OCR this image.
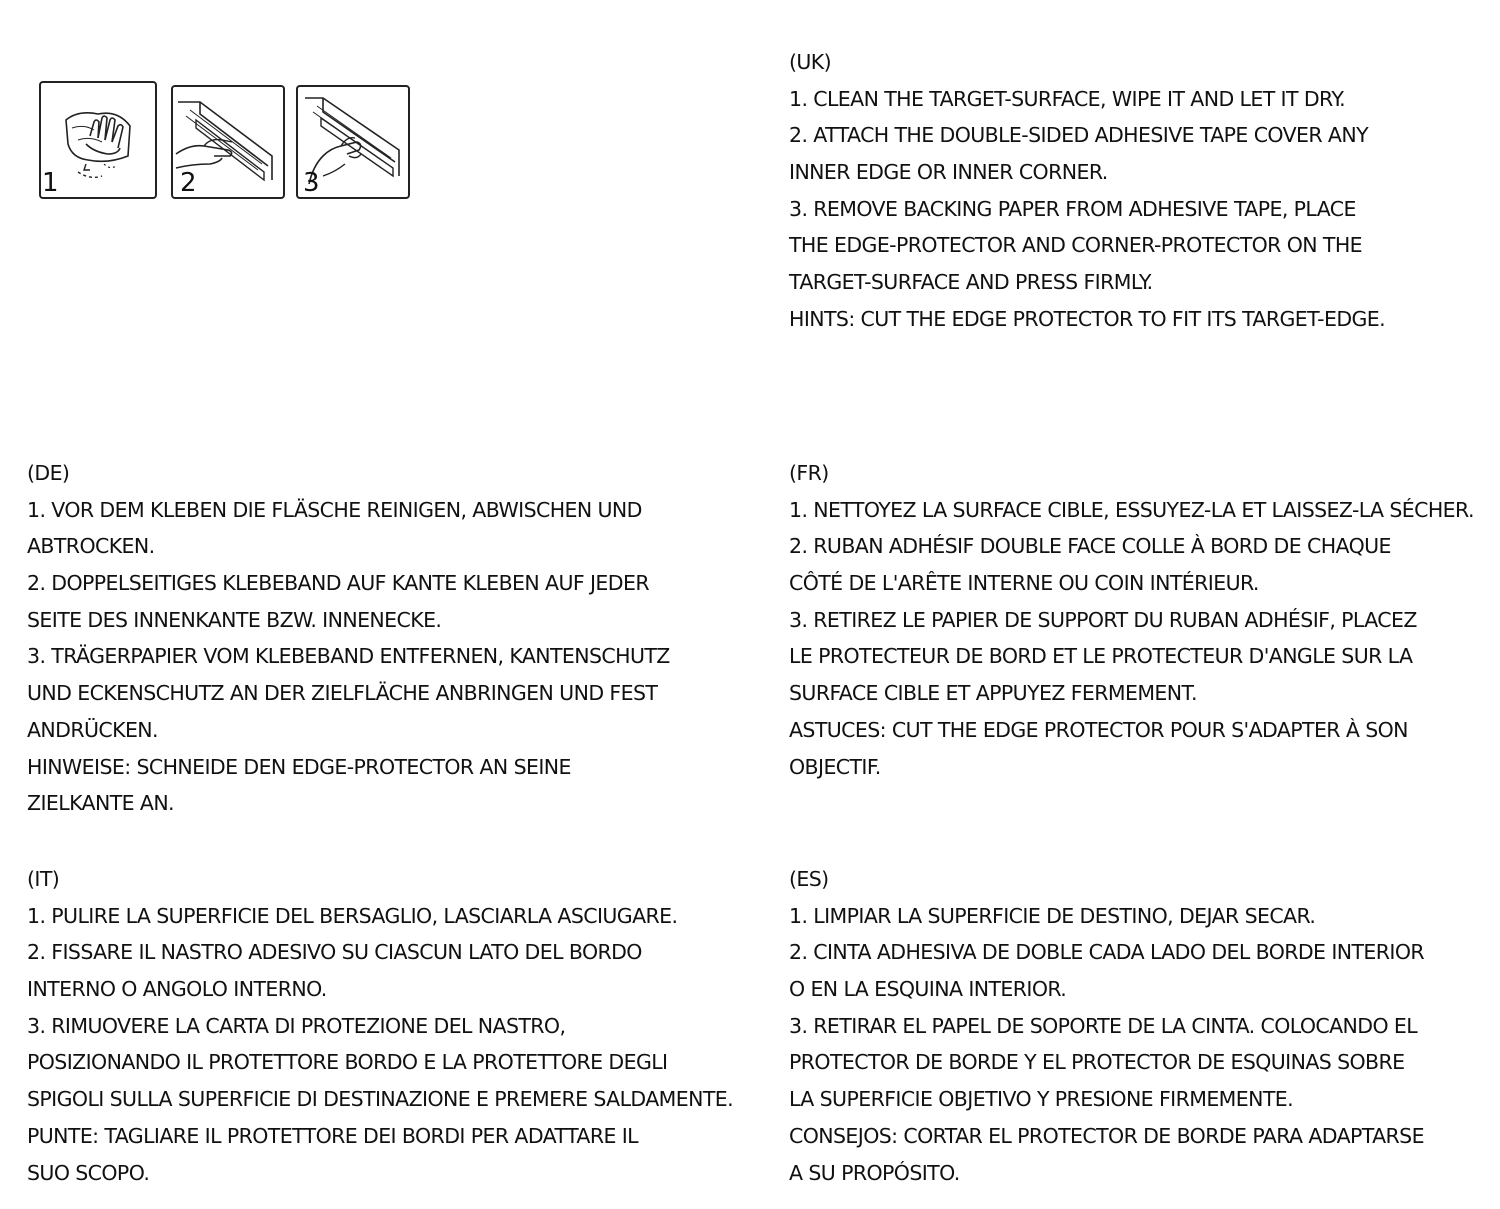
1	2	3
(UK)
1. CLEAN THE TARGET-SURFACE, WIPE IT AND LET IT DRY.
2. ATTACH THE DOUBLE-SIDED ADHESIVE TAPE COVER ANY
INNER EDGE OR INNER CORNER.
3. REMOVE BACKING PAPER FROM ADHESIVE TAPE, PLACE
THE EDGE-PROTECTOR AND CORNER-PROTECTOR ON THE
TARGET-SURFACE AND PRESS FIRMLY.
HINTS: CUT THE EDGE PROTECTOR TO FIT ITS TARGET-EDGE.
(DE)
1. VOR DEM KLEBEN DIE FLÄSCHE REINIGEN, ABWISCHEN UND
ABTROCKEN.
2. DOPPELSEITIGES KLEBEBAND AUF KANTE KLEBEN AUF JEDER
SEITE DES INNENKANTE BZW. INNENECKE.
3. TRÄGERPAPIER VOM KLEBEBAND ENTFERNEN, KANTENSCHUTZ
UND ECKENSCHUTZ AN DER ZIELFLÄCHE ANBRINGEN UND FEST
ANDRÜCKEN.
HINWEISE: SCHNEIDE DEN EDGE-PROTECTOR AN SEINE
ZIELKANTE AN.
(FR)
1. NETTOYEZ LA SURFACE CIBLE, ESSUYEZ-LA ET LAISSEZ-LA SÉCHER.
2. RUBAN ADHÉSIF DOUBLE FACE COLLE À BORD DE CHAQUE
CÔTÉ DE L'ARÊTE INTERNE OU COIN INTÉRIEUR.
3. RETIREZ LE PAPIER DE SUPPORT DU RUBAN ADHÉSIF, PLACEZ
LE PROTECTEUR DE BORD ET LE PROTECTEUR D'ANGLE SUR LA
SURFACE CIBLE ET APPUYEZ FERMEMENT.
ASTUCES: CUT THE EDGE PROTECTOR POUR S'ADAPTER À SON
OBJECTIF.
(IT)
1. PULIRE LA SUPERFICIE DEL BERSAGLIO, LASCIARLA ASCIUGARE.
2. FISSARE IL NASTRO ADESIVO SU CIASCUN LATO DEL BORDO
INTERNO O ANGOLO INTERNO.
3. RIMUOVERE LA CARTA DI PROTEZIONE DEL NASTRO,
POSIZIONANDO IL PROTETTORE BORDO E LA PROTETTORE DEGLI
SPIGOLI SULLA SUPERFICIE DI DESTINAZIONE E PREMERE SALDAMENTE.
PUNTE: TAGLIARE IL PROTETTORE DEI BORDI PER ADATTARE IL
SUO SCOPO.
(ES)
1. LIMPIAR LA SUPERFICIE DE DESTINO, DEJAR SECAR.
2. CINTA ADHESIVA DE DOBLE CADA LADO DEL BORDE INTERIOR
O EN LA ESQUINA INTERIOR.
3. RETIRAR EL PAPEL DE SOPORTE DE LA CINTA. COLOCANDO EL
PROTECTOR DE BORDE Y EL PROTECTOR DE ESQUINAS SOBRE
LA SUPERFICIE OBJETIVO Y PRESIONE FIRMEMENTE.
CONSEJOS: CORTAR EL PROTECTOR DE BORDE PARA ADAPTARSE
A SU PROPÓSITO.
